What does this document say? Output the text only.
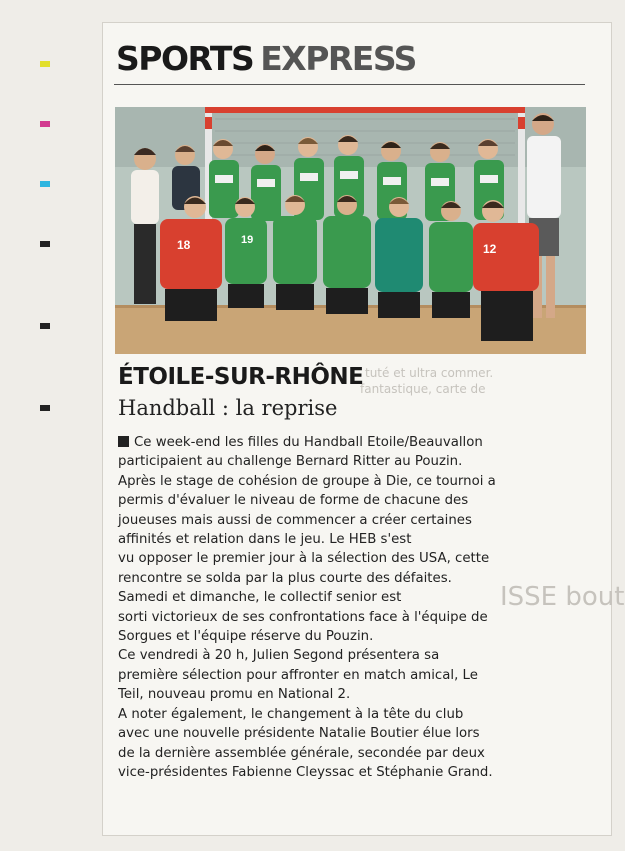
tuté et ultra commer.
fantastique, carte de
ISSE bout
SPORTS EXPRESS
18	19
12
ÉTOILE-SUR-RHÔNE
Handball : la reprise

Ce week-end les filles du Handball Etoile/Beauvallon

participaient au challenge Bernard Ritter au Pouzin.

Après le stage de cohésion de groupe à Die, ce tournoi a

permis d'évaluer le niveau de forme de chacune des

joueuses mais aussi de commencer a créer certaines

affinités et relation dans le jeu. Le HEB s'est

vu opposer le premier jour à la sélection des USA, cette

rencontre se solda par la plus courte des défaites.

Samedi et dimanche, le collectif senior est

sorti victorieux de ses confrontations face à l'équipe de

Sorgues et l'équipe réserve du Pouzin.

Ce vendredi à 20 h, Julien Segond présentera sa

première sélection pour affronter en match amical, Le

Teil, nouveau promu en National 2.

A noter également, le changement à la tête du club

avec une nouvelle présidente Natalie Boutier élue lors

de la dernière assemblée générale, secondée par deux

vice-présidentes Fabienne Cleyssac et Stéphanie Grand.
